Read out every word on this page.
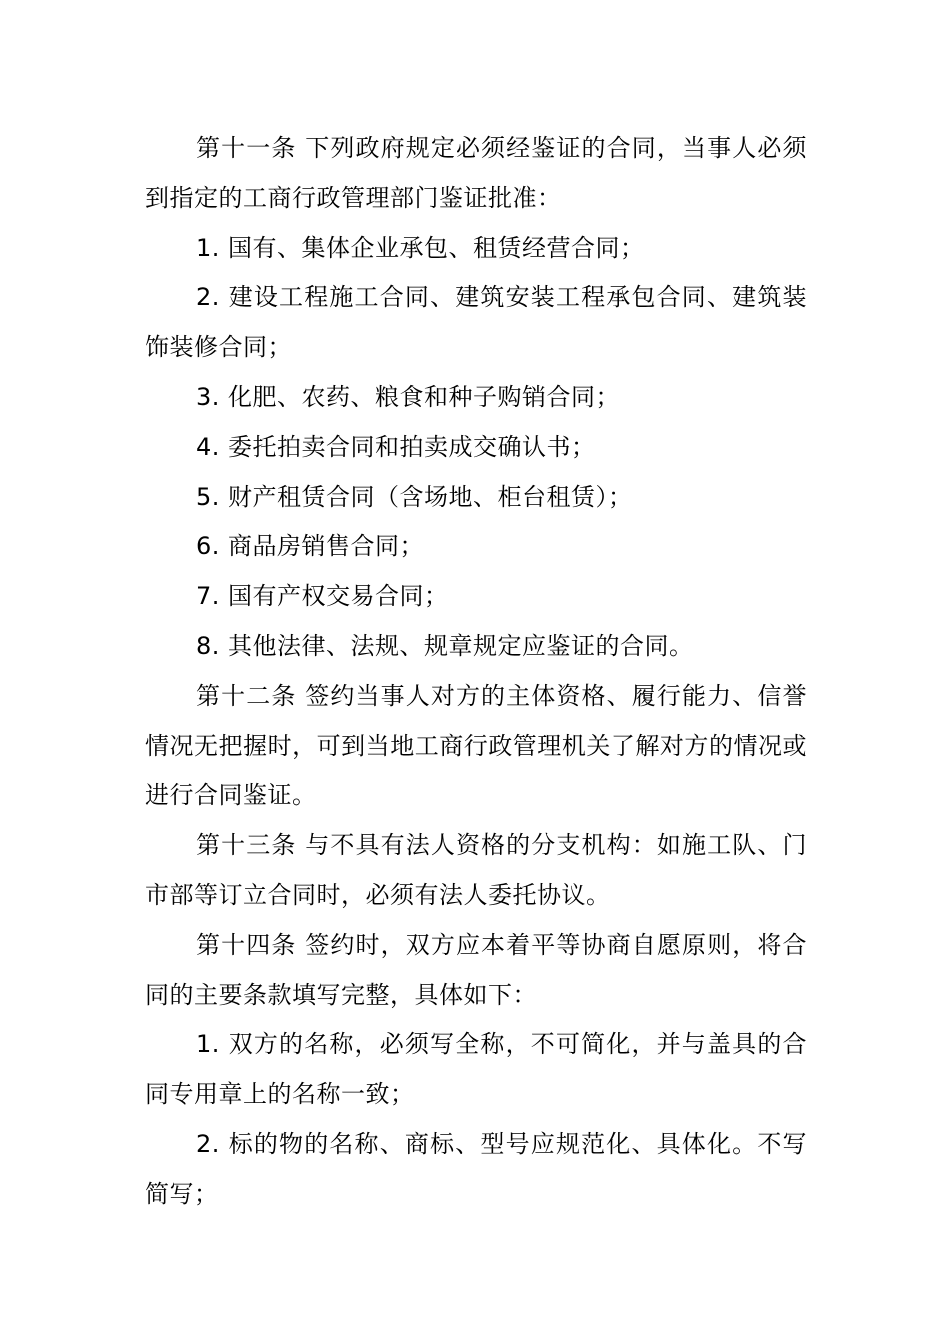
第十一条 下列政府规定必须经鉴证的合同，当事人必须到指定的工商行政管理部门鉴证批准：

1. 国有、集体企业承包、租赁经营合同；

2. 建设工程施工合同、建筑安装工程承包合同、建筑装饰装修合同；

3. 化肥、农药、粮食和种子购销合同；

4. 委托拍卖合同和拍卖成交确认书；

5. 财产租赁合同（含场地、柜台租赁）；

6. 商品房销售合同；

7. 国有产权交易合同；

8. 其他法律、法规、规章规定应鉴证的合同。

第十二条 签约当事人对方的主体资格、履行能力、信誉情况无把握时，可到当地工商行政管理机关了解对方的情况或进行合同鉴证。

第十三条 与不具有法人资格的分支机构：如施工队、门市部等订立合同时，必须有法人委托协议。

第十四条 签约时，双方应本着平等协商自愿原则，将合同的主要条款填写完整，具体如下：

1. 双方的名称，必须写全称，不可简化，并与盖具的合同专用章上的名称一致；

2. 标的物的名称、商标、型号应规范化、具体化。不写简写；
